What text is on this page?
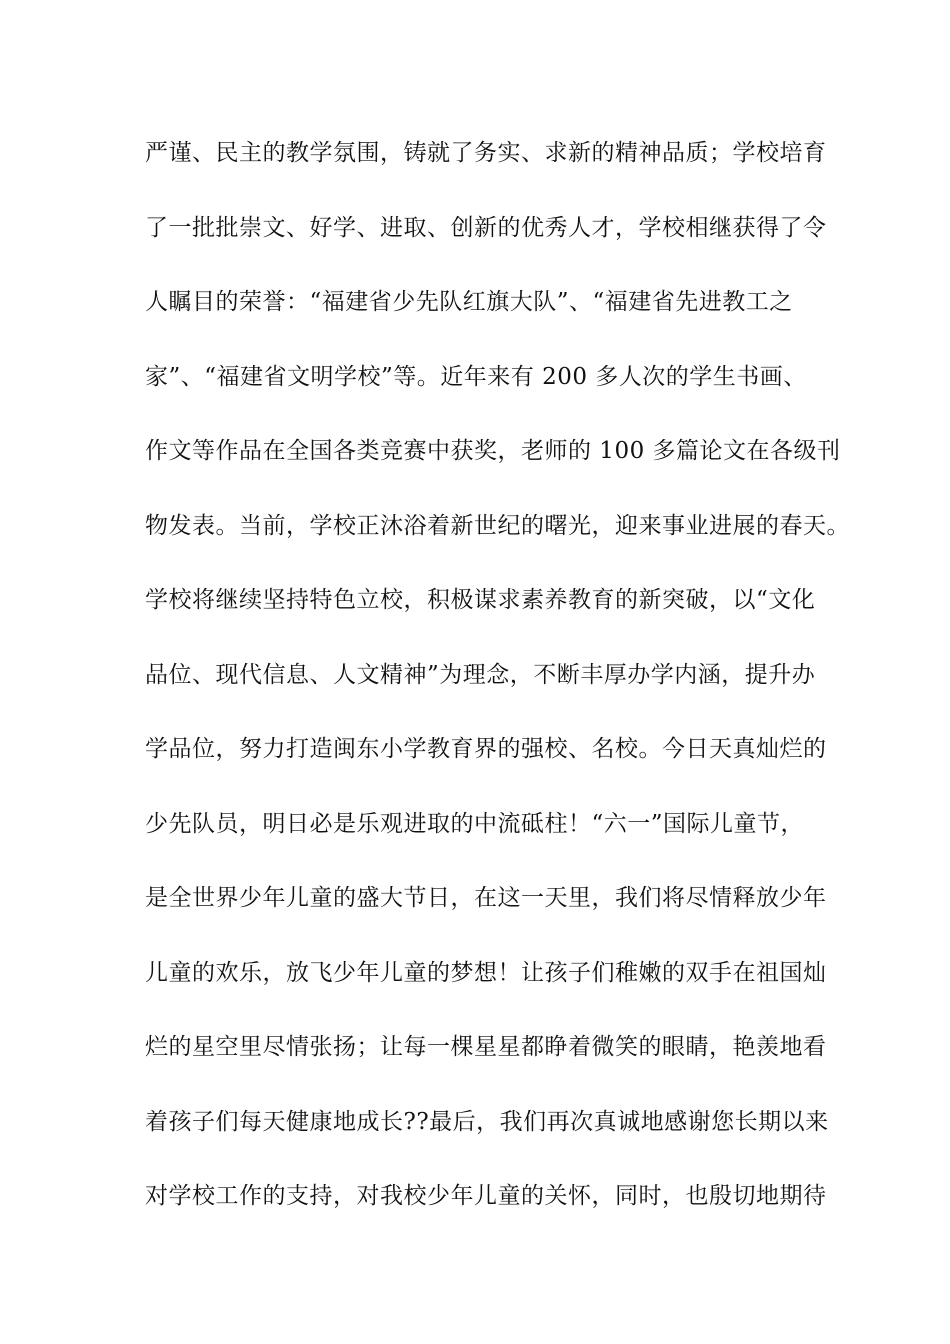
严谨、民主的教学氛围，铸就了务实、求新的精神品质；学校培育
了一批批崇文、好学、进取、创新的优秀人才，学校相继获得了令
人瞩目的荣誉：“福建省少先队红旗大队”、“福建省先进教工之
家”、“福建省文明学校”等。近年来有 200 多人次的学生书画、
作文等作品在全国各类竞赛中获奖，老师的 100 多篇论文在各级刊
物发表。当前，学校正沐浴着新世纪的曙光，迎来事业进展的春天。
学校将继续坚持特色立校，积极谋求素养教育的新突破，以“文化
品位、现代信息、人文精神”为理念，不断丰厚办学内涵，提升办
学品位，努力打造闽东小学教育界的强校、名校。今日天真灿烂的
少先队员，明日必是乐观进取的中流砥柱！“六一”国际儿童节，
是全世界少年儿童的盛大节日，在这一天里，我们将尽情释放少年
儿童的欢乐，放飞少年儿童的梦想！让孩子们稚嫩的双手在祖国灿
烂的星空里尽情张扬；让每一棵星星都睁着微笑的眼睛，艳羡地看
着孩子们每天健康地成长??最后，我们再次真诚地感谢您长期以来
对学校工作的支持，对我校少年儿童的关怀，同时，也殷切地期待
